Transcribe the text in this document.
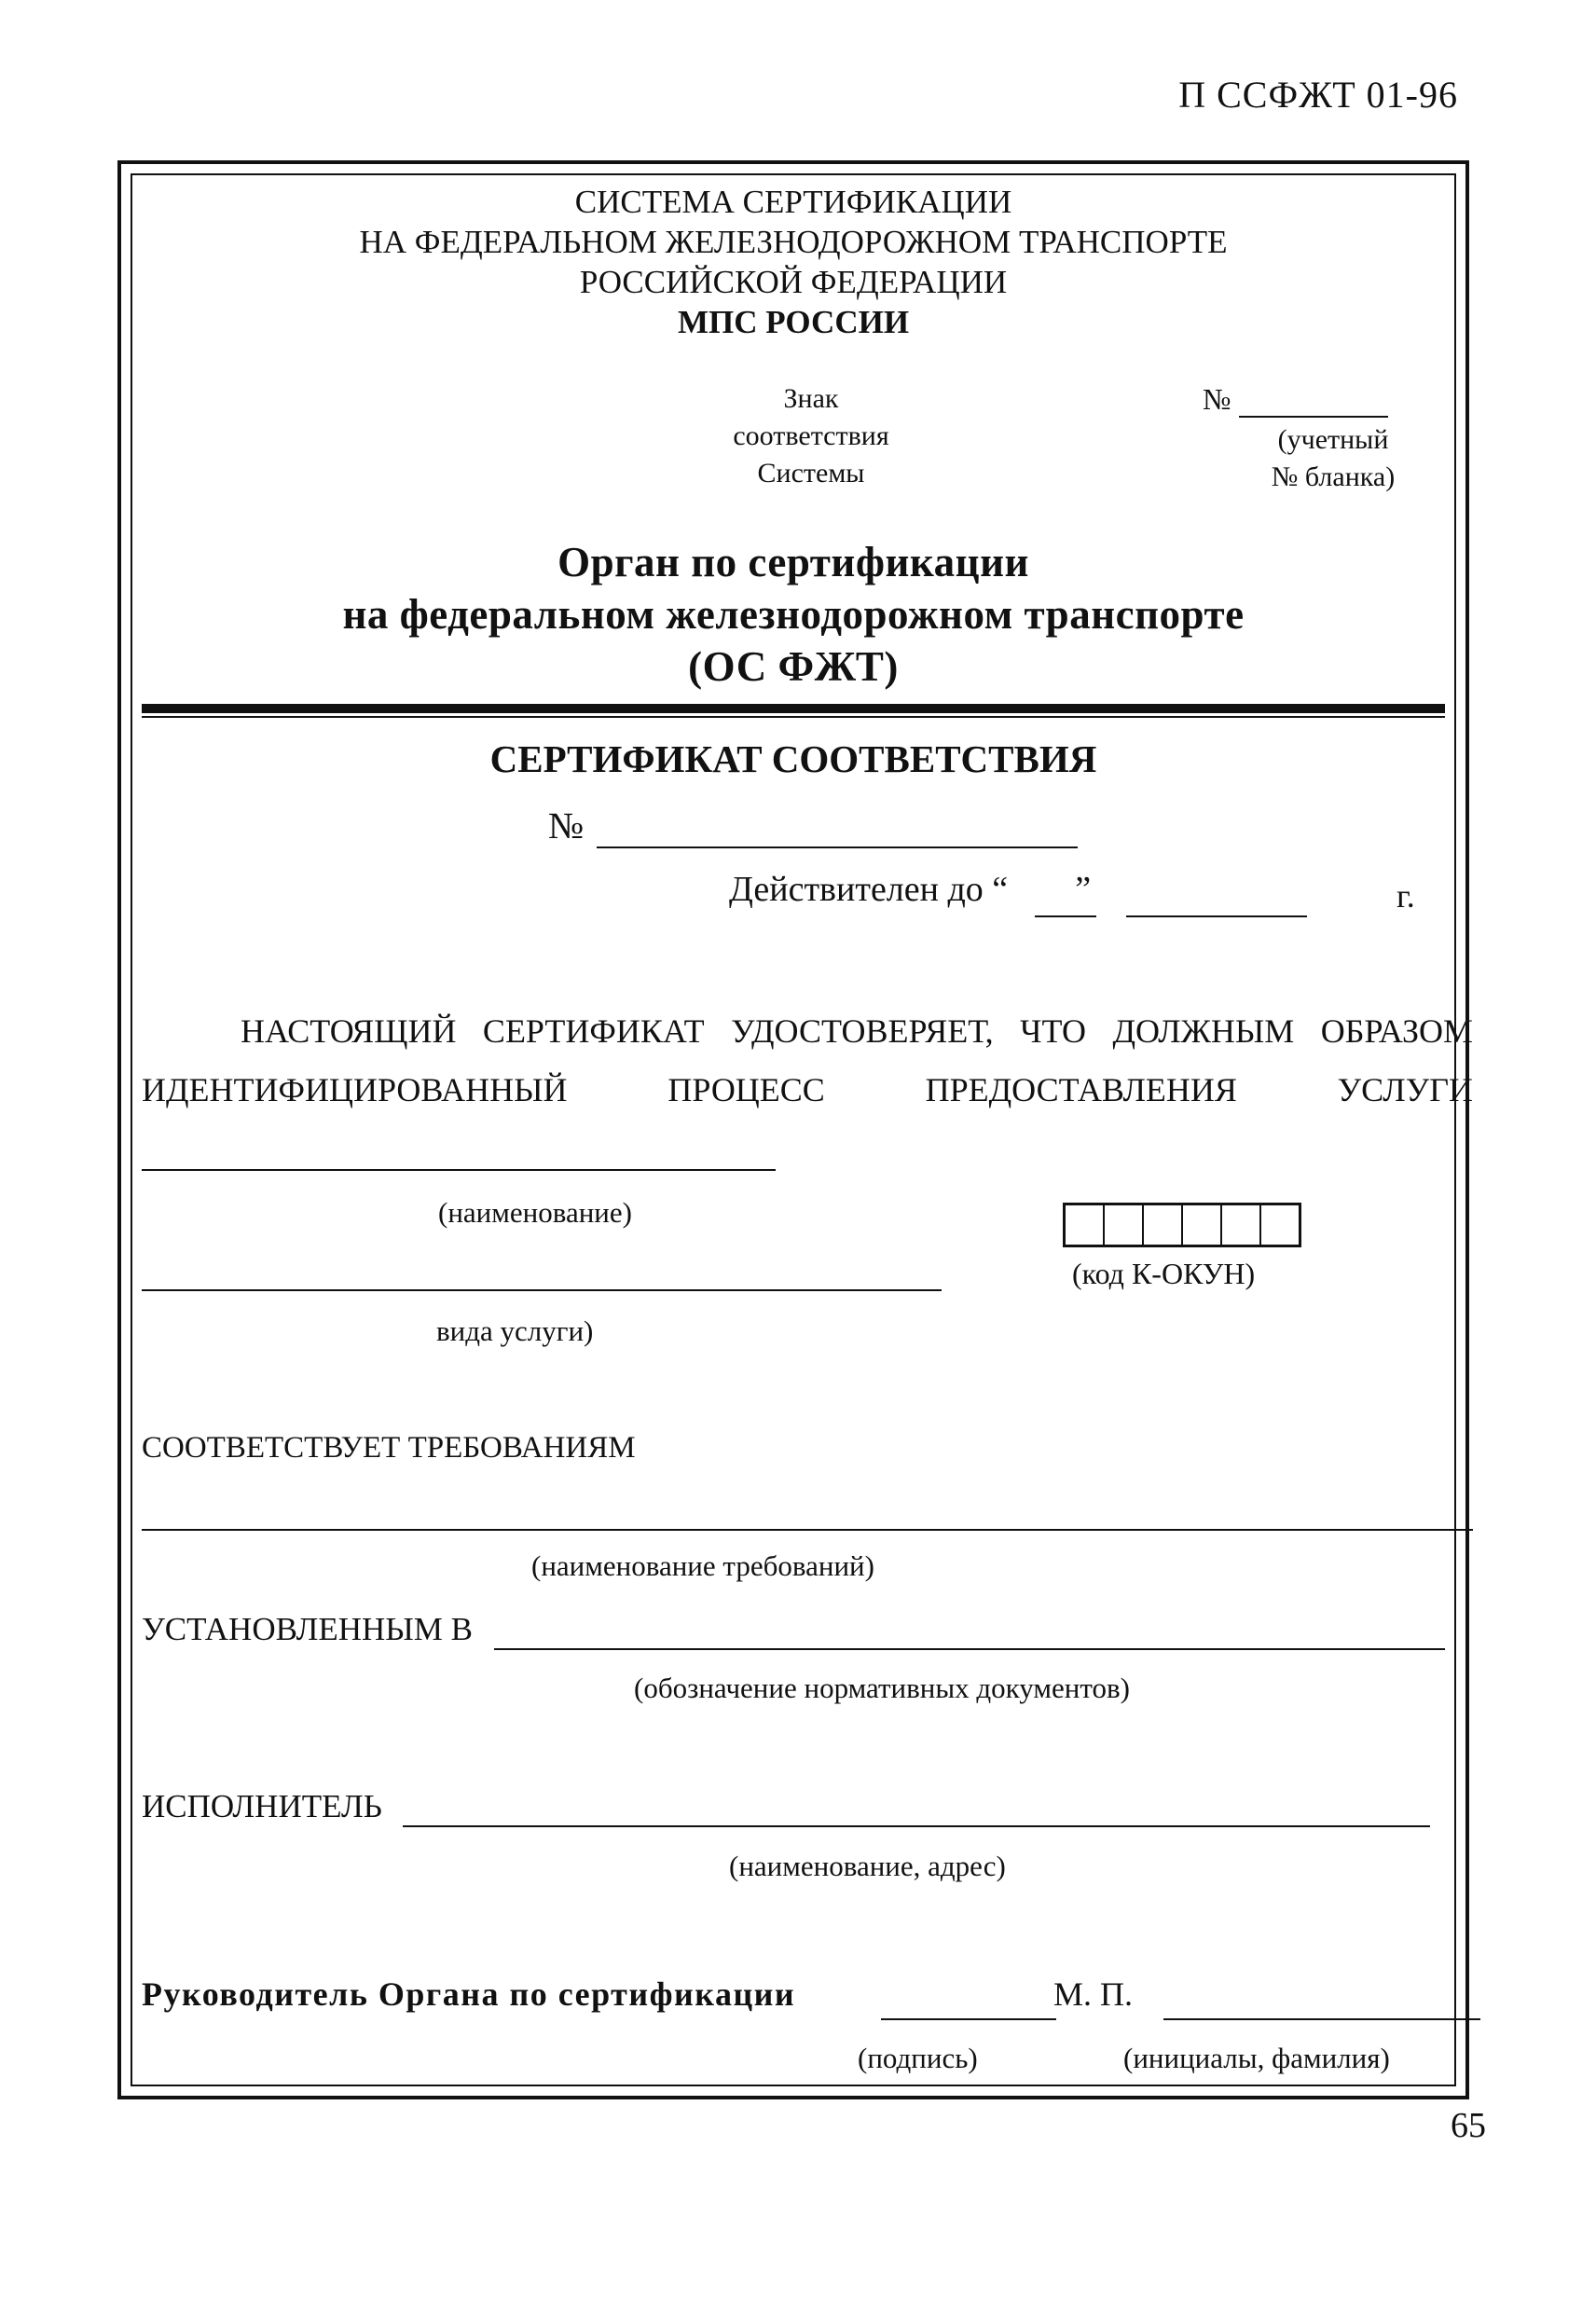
П ССФЖТ 01-96
СИСТЕМА СЕРТИФИКАЦИИ
НА ФЕДЕРАЛЬНОМ ЖЕЛЕЗНОДОРОЖНОМ ТРАНСПОРТЕ
РОССИЙСКОЙ ФЕДЕРАЦИИ
МПС РОССИИ
Знак
соответствия
Системы
№
(учетный
№ бланка)
Орган по сертификации
на федеральном железнодорожном транспорте
(ОС ФЖТ)
СЕРТИФИКАТ СООТВЕТСТВИЯ
№
Действителен до “ ”	г.
НАСТОЯЩИЙ СЕРТИФИКАТ УДОСТОВЕРЯЕТ, ЧТО ДОЛЖНЫМ ОБРАЗОМ
ИДЕНТИФИЦИРОВАННЫЙ ПРОЦЕСС ПРЕДОСТАВЛЕНИЯ УСЛУГИ
(наименование)
(код К-ОКУН)
вида услуги)
СООТВЕТСТВУЕТ ТРЕБОВАНИЯМ
(наименование требований)
УСТАНОВЛЕННЫМ В
(обозначение нормативных документов)
ИСПОЛНИТЕЛЬ
(наименование, адрес)
Руководитель Органа по сертификации	М. П.
(подпись)	(инициалы, фамилия)
65
